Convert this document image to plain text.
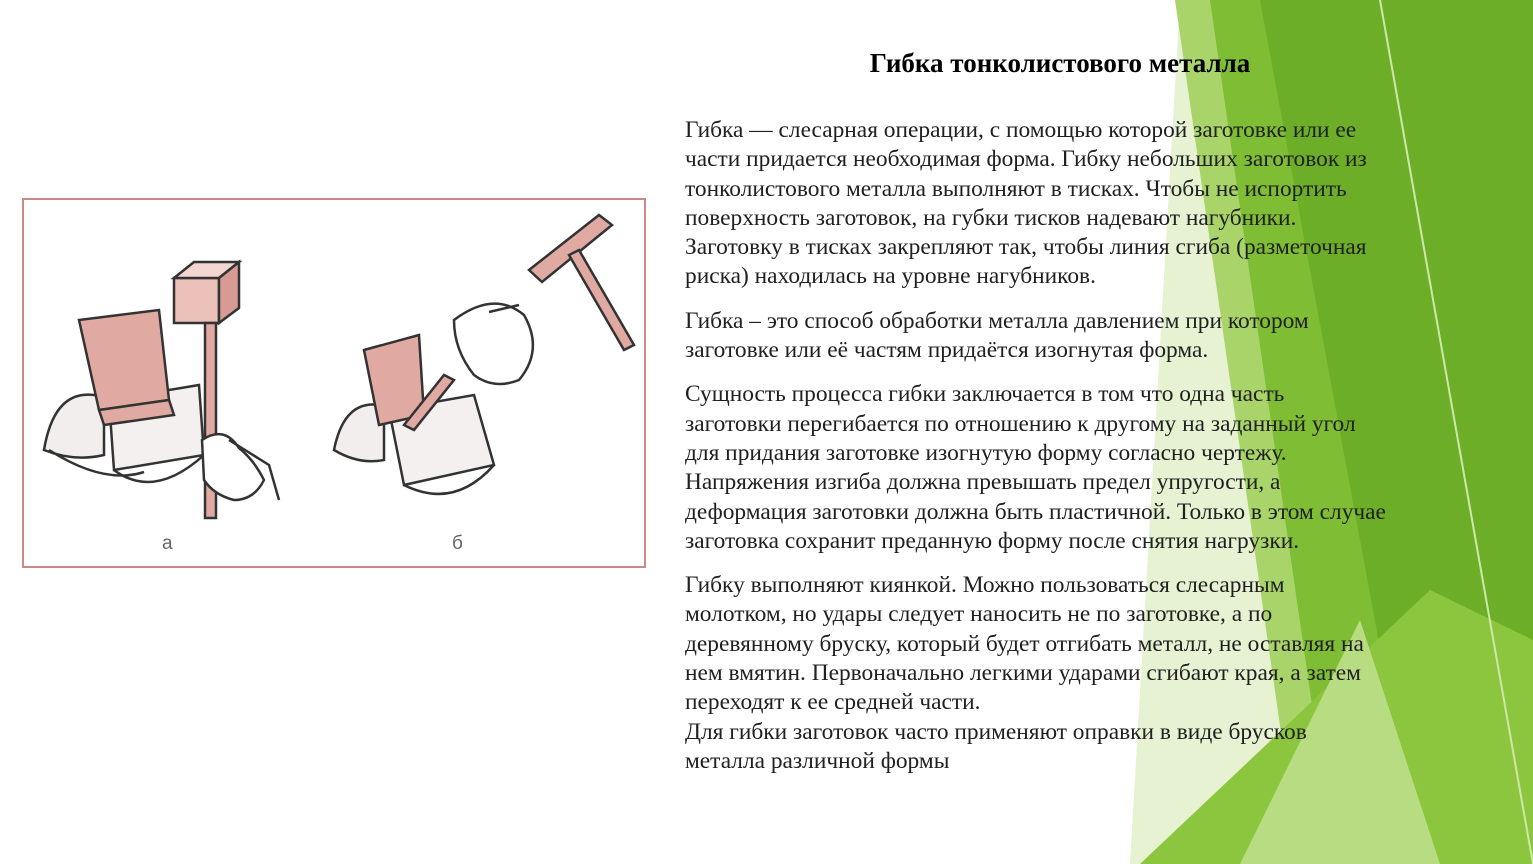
а	б
Гибка тонколистового металла

Гибка — слесарная операции, с помощью которой заготовке или ее
части придается необходимая форма. Гибку небольших заготовок из
тонколистового металла выполняют в тисках. Чтобы не испортить
поверхность заготовок, на губки тисков надевают нагубники.
Заготовку в тисках закрепляют так, чтобы линия сгиба (разметочная
риска) находилась на уровне нагубников.

Гибка – это способ обработки металла давлением при котором
заготовке или её частям придаётся изогнутая форма.

Сущность процесса гибки заключается в том что одна часть
заготовки перегибается по отношению к другому на заданный угол
для придания заготовке изогнутую форму согласно чертежу.
Напряжения изгиба должна превышать предел упругости, а
деформация заготовки должна быть пластичной. Только в этом случае
заготовка сохранит преданную форму после снятия нагрузки.

Гибку выполняют киянкой. Можно пользоваться слесарным
молотком, но удары следует наносить не по заготовке, а по
деревянному бруску, который будет отгибать металл, не оставляя на
нем вмятин. Первоначально легкими ударами сгибают края, а затем
переходят к ее средней части.
Для гибки заготовок часто применяют оправки в виде брусков
металла различной формы
